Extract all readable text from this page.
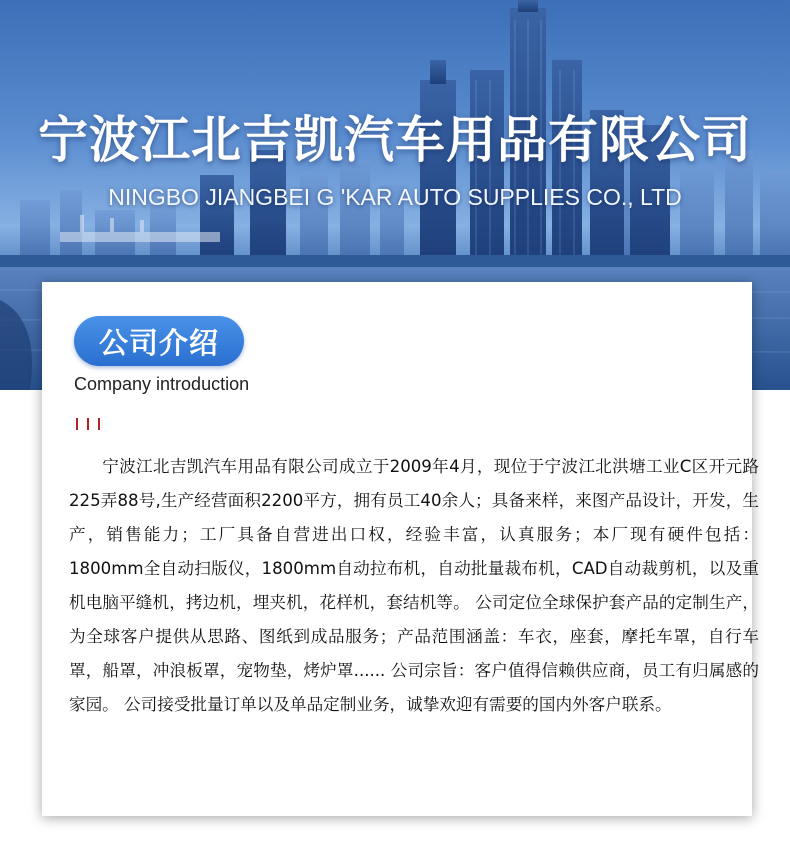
宁波江北吉凯汽车用品有限公司
NINGBO JIANGBEI G 'KAR AUTO SUPPLIES CO., LTD
公司介绍
Company introduction

宁波江北吉凯汽车用品有限公司成立于2009年4月，现位于宁波江北洪塘工业C区开元路225弄88号,生产经营面积2200平方，拥有员工40余人；具备来样，来图产品设计，开发，生产，销售能力；工厂具备自营进出口权，经验丰富，认真服务；本厂现有硬件包括： 1800mm全自动扫版仪，1800mm自动拉布机，自动批量裁布机，CAD自动裁剪机，以及重机电脑平缝机，拷边机，埋夹机，花样机，套结机等。 公司定位全球保护套产品的定制生产，为全球客户提供从思路、图纸到成品服务；产品范围涵盖：车衣，座套，摩托车罩，自行车罩，船罩，冲浪板罩，宠物垫，烤炉罩...... 公司宗旨：客户值得信赖供应商，员工有归属感的家园。 公司接受批量订单以及单品定制业务，诚挚欢迎有需要的国内外客户联系。
